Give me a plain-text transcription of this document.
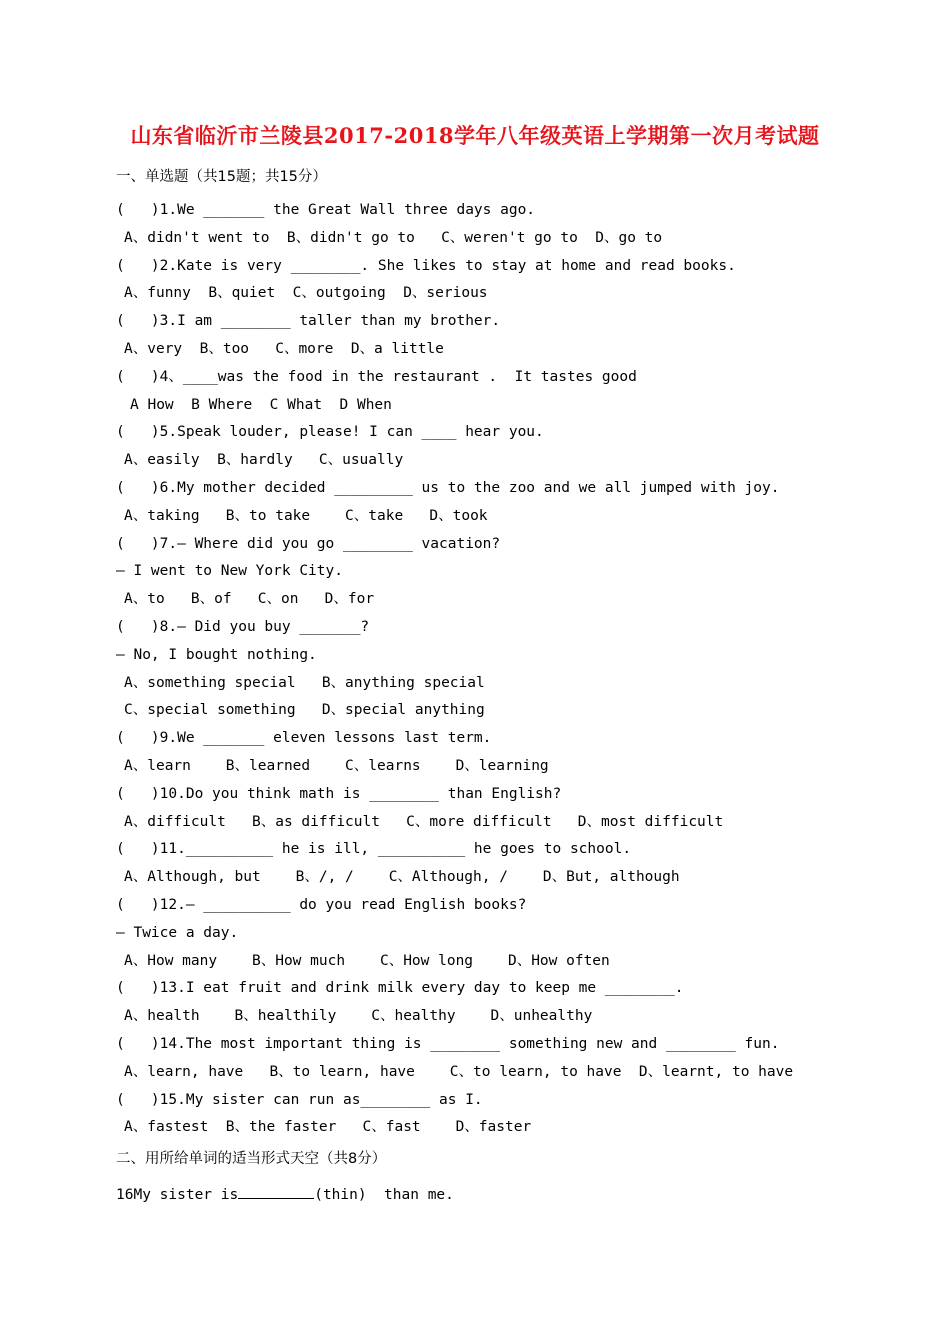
山东省临沂市兰陵县2017-2018学年八年级英语上学期第一次月考试题
一、单选题（共15题；共15分）
(   )1.We _______ the Great Wall three days ago.
A、didn't went to  B、didn't go to   C、weren't go to  D、go to
(   )2.Kate is very ________. She likes to stay at home and read books.
A、funny  B、quiet  C、outgoing  D、serious
(   )3.I am ________ taller than my brother.
A、very  B、too   C、more  D、a little
(   )4、____was the food in the restaurant .  It tastes good
A How  B Where  C What  D When
(   )5.Speak louder, please! I can ____ hear you.
A、easily  B、hardly   C、usually
(   )6.My mother decided _________ us to the zoo and we all jumped with joy.
A、taking   B、to take    C、take   D、took
(   )7.— Where did you go ________ vacation?
— I went to New York City.
A、to   B、of   C、on   D、for
(   )8.— Did you buy _______?
— No, I bought nothing.
A、something special   B、anything special
C、special something   D、special anything
(   )9.We _______ eleven lessons last term.
A、learn    B、learned    C、learns    D、learning
(   )10.Do you think math is ________ than English?
A、difficult   B、as difficult   C、more difficult   D、most difficult
(   )11.__________ he is ill, __________ he goes to school.
A、Although, but    B、/, /    C、Although, /    D、But, although
(   )12.— __________ do you read English books?
— Twice a day.
A、How many    B、How much    C、How long    D、How often
(   )13.I eat fruit and drink milk every day to keep me ________.
A、health    B、healthily    C、healthy    D、unhealthy
(   )14.The most important thing is ________ something new and ________ fun.
A、learn, have   B、to learn, have    C、to learn, to have  D、learnt, to have
(   )15.My sister can run as________ as I.
A、fastest  B、the faster   C、fast    D、faster
二、用所给单词的适当形式天空（共8分）
16My sister is	(thin)  than me.
